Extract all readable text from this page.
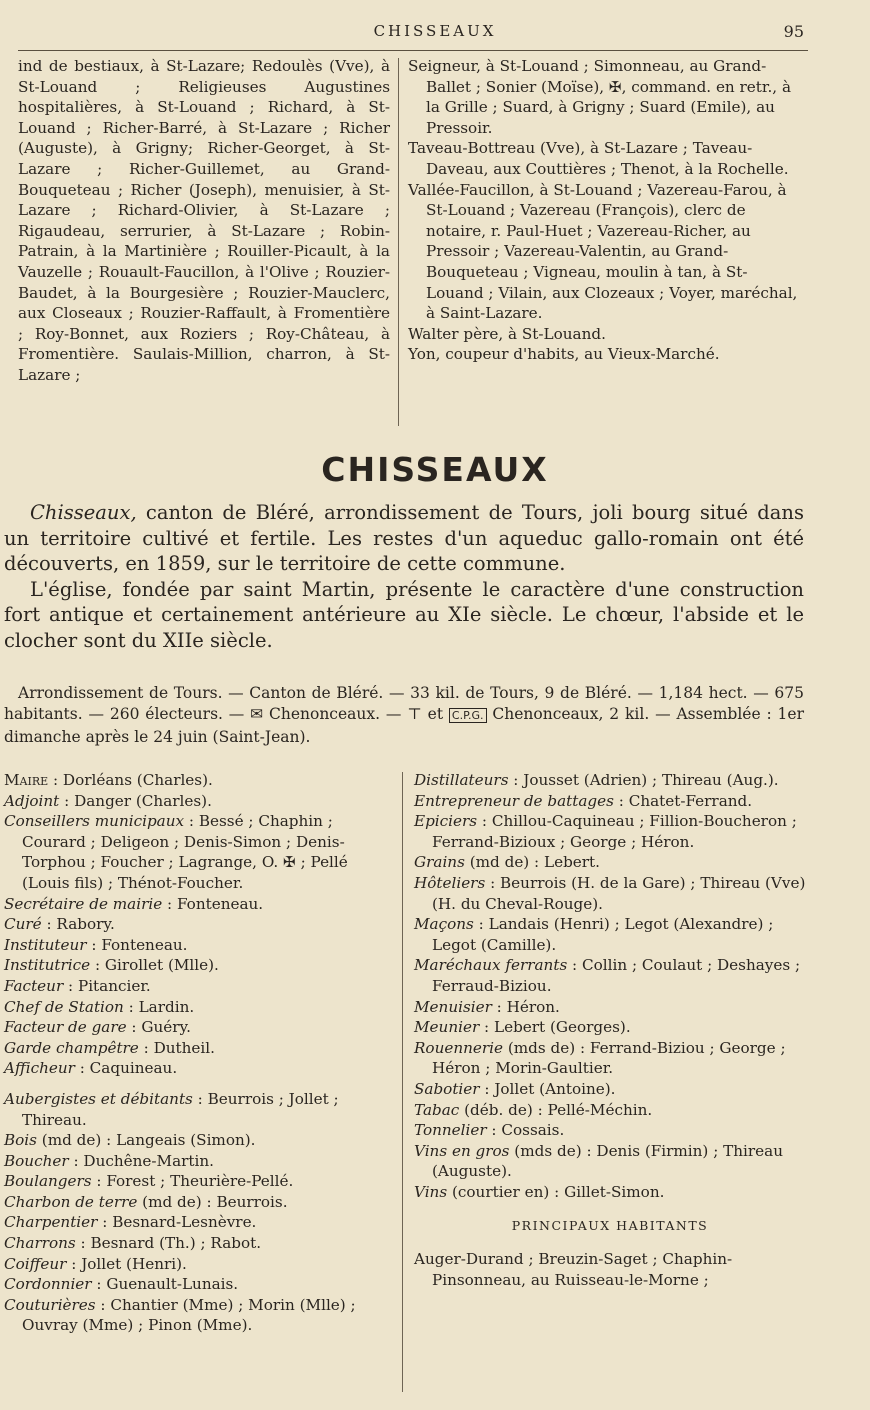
CHISSEAUX	95

ind de bestiaux, à St-Lazare; Redoulès (Vve), à St-Louand ; Religieuses Augustines hospitalières, à St-Louand ; Richard, à St-Louand ; Richer-Barré, à St-Lazare ; Richer (Auguste), à Grigny; Richer-Georget, à St-Lazare ; Richer-Guillemet, au Grand-Bouqueteau ; Richer (Joseph), menuisier, à St-Lazare ; Richard-Olivier, à St-Lazare ; Rigaudeau, serrurier, à St-Lazare ; Robin-Patrain, à la Martinière ; Rouiller-Picault, à la Vauzelle ; Rouault-Faucillon, à l'Olive ; Rouzier-Baudet, à la Bourgesière ; Rouzier-Mauclerc, aux Closeaux ; Rouzier-Raffault, à Fromentière ; Roy-Bonnet, aux Roziers ; Roy-Château, à Fromentière. Saulais-Million, charron, à St-Lazare ;

Seigneur, à St-Louand ; Simonneau, au Grand-Ballet ; Sonier (Moïse), ✠, command. en retr., à la Grille ; Suard, à Grigny ; Suard (Emile), au Pressoir.

Taveau-Bottreau (Vve), à St-Lazare ; Taveau-Daveau, aux Couttières ; Thenot, à la Rochelle.

Vallée-Faucillon, à St-Louand ; Vazereau-Farou, à St-Louand ; Vazereau (François), clerc de notaire, r. Paul-Huet ; Vazereau-Richer, au Pressoir ; Vazereau-Valentin, au Grand-Bouqueteau ; Vigneau, moulin à tan, à St-Louand ; Vilain, aux Clozeaux ; Voyer, maréchal, à Saint-Lazare.

Walter père, à St-Louand.

Yon, coupeur d'habits, au Vieux-Marché.

CHISSEAUX

Chisseaux, canton de Bléré, arrondissement de Tours, joli bourg situé dans un territoire cultivé et fertile. Les restes d'un aqueduc gallo-romain ont été découverts, en 1859, sur le territoire de cette commune.

L'église, fondée par saint Martin, présente le caractère d'une construction fort antique et certainement antérieure au XIe siècle. Le chœur, l'abside et le clocher sont du XIIe siècle.

Arrondissement de Tours. — Canton de Bléré. — 33 kil. de Tours, 9 de Bléré. — 1,184 hect. — 675 habitants. — 260 électeurs. — ✉ Chenonceaux. — ⊤ et C.P.G. Chenonceaux, 2 kil. — Assemblée : 1er dimanche après le 24 juin (Saint-Jean).

Maire : Dorléans (Charles).

Adjoint : Danger (Charles).

Conseillers municipaux : Bessé ; Chaphin ; Courard ; Deligeon ; Denis-Simon ; Denis-Torphou ; Foucher ; Lagrange, O. ✠ ; Pellé (Louis fils) ; Thénot-Foucher.

Secrétaire de mairie : Fonteneau.

Curé : Rabory.

Instituteur : Fonteneau.

Institutrice : Girollet (Mlle).

Facteur : Pitancier.

Chef de Station : Lardin.

Facteur de gare : Guéry.

Garde champêtre : Dutheil.

Afficheur : Caquineau.

Aubergistes et débitants : Beurrois ; Jollet ; Thireau.

Bois (md de) : Langeais (Simon).

Boucher : Duchêne-Martin.

Boulangers : Forest ; Theurière-Pellé.

Charbon de terre (md de) : Beurrois.

Charpentier : Besnard-Lesnèvre.

Charrons : Besnard (Th.) ; Rabot.

Coiffeur : Jollet (Henri).

Cordonnier : Guenault-Lunais.

Couturières : Chantier (Mme) ; Morin (Mlle) ; Ouvray (Mme) ; Pinon (Mme).

Distillateurs : Jousset (Adrien) ; Thireau (Aug.).

Entrepreneur de battages : Chatet-Ferrand.

Epiciers : Chillou-Caquineau ; Fillion-Boucheron ; Ferrand-Bizioux ; George ; Héron.

Grains (md de) : Lebert.

Hôteliers : Beurrois (H. de la Gare) ; Thireau (Vve) (H. du Cheval-Rouge).

Maçons : Landais (Henri) ; Legot (Alexandre) ; Legot (Camille).

Maréchaux ferrants : Collin ; Coulaut ; Deshayes ; Ferraud-Biziou.

Menuisier : Héron.

Meunier : Lebert (Georges).

Rouennerie (mds de) : Ferrand-Biziou ; George ; Héron ; Morin-Gaultier.

Sabotier : Jollet (Antoine).

Tabac (déb. de) : Pellé-Méchin.

Tonnelier : Cossais.

Vins en gros (mds de) : Denis (Firmin) ; Thireau (Auguste).

Vins (courtier en) : Gillet-Simon.

PRINCIPAUX HABITANTS

Auger-Durand ; Breuzin-Saget ; Chaphin-Pinsonneau, au Ruisseau-le-Morne ;
